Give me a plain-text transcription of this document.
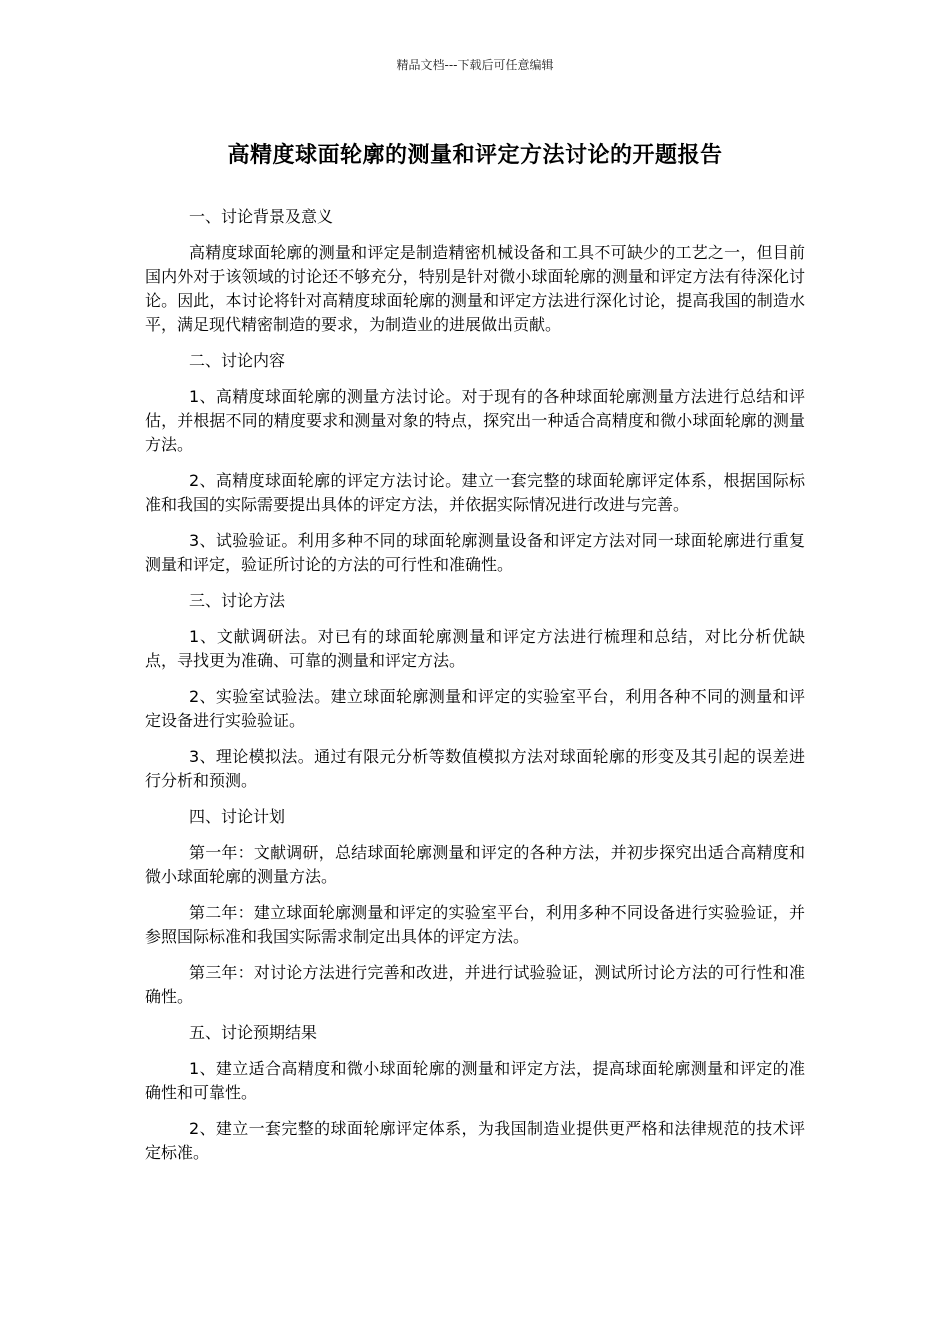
精品文档---下载后可任意编辑
高精度球面轮廓的测量和评定方法讨论的开题报告
一、讨论背景及意义
高精度球面轮廓的测量和评定是制造精密机械设备和工具不可缺少的工艺之一，但目前国内外对于该领域的讨论还不够充分，特别是针对微小球面轮廓的测量和评定方法有待深化讨论。因此，本讨论将针对高精度球面轮廓的测量和评定方法进行深化讨论，提高我国的制造水平，满足现代精密制造的要求，为制造业的进展做出贡献。
二、讨论内容
1、高精度球面轮廓的测量方法讨论。对于现有的各种球面轮廓测量方法进行总结和评估，并根据不同的精度要求和测量对象的特点，探究出一种适合高精度和微小球面轮廓的测量方法。
2、高精度球面轮廓的评定方法讨论。建立一套完整的球面轮廓评定体系，根据国际标准和我国的实际需要提出具体的评定方法，并依据实际情况进行改进与完善。
3、试验验证。利用多种不同的球面轮廓测量设备和评定方法对同一球面轮廓进行重复测量和评定，验证所讨论的方法的可行性和准确性。
三、讨论方法
1、文献调研法。对已有的球面轮廓测量和评定方法进行梳理和总结，对比分析优缺点，寻找更为准确、可靠的测量和评定方法。
2、实验室试验法。建立球面轮廓测量和评定的实验室平台，利用各种不同的测量和评定设备进行实验验证。
3、理论模拟法。通过有限元分析等数值模拟方法对球面轮廓的形变及其引起的误差进行分析和预测。
四、讨论计划
第一年：文献调研，总结球面轮廓测量和评定的各种方法，并初步探究出适合高精度和微小球面轮廓的测量方法。
第二年：建立球面轮廓测量和评定的实验室平台，利用多种不同设备进行实验验证，并参照国际标准和我国实际需求制定出具体的评定方法。
第三年：对讨论方法进行完善和改进，并进行试验验证，测试所讨论方法的可行性和准确性。
五、讨论预期结果
1、建立适合高精度和微小球面轮廓的测量和评定方法，提高球面轮廓测量和评定的准确性和可靠性。
2、建立一套完整的球面轮廓评定体系，为我国制造业提供更严格和法律规范的技术评定标准。
